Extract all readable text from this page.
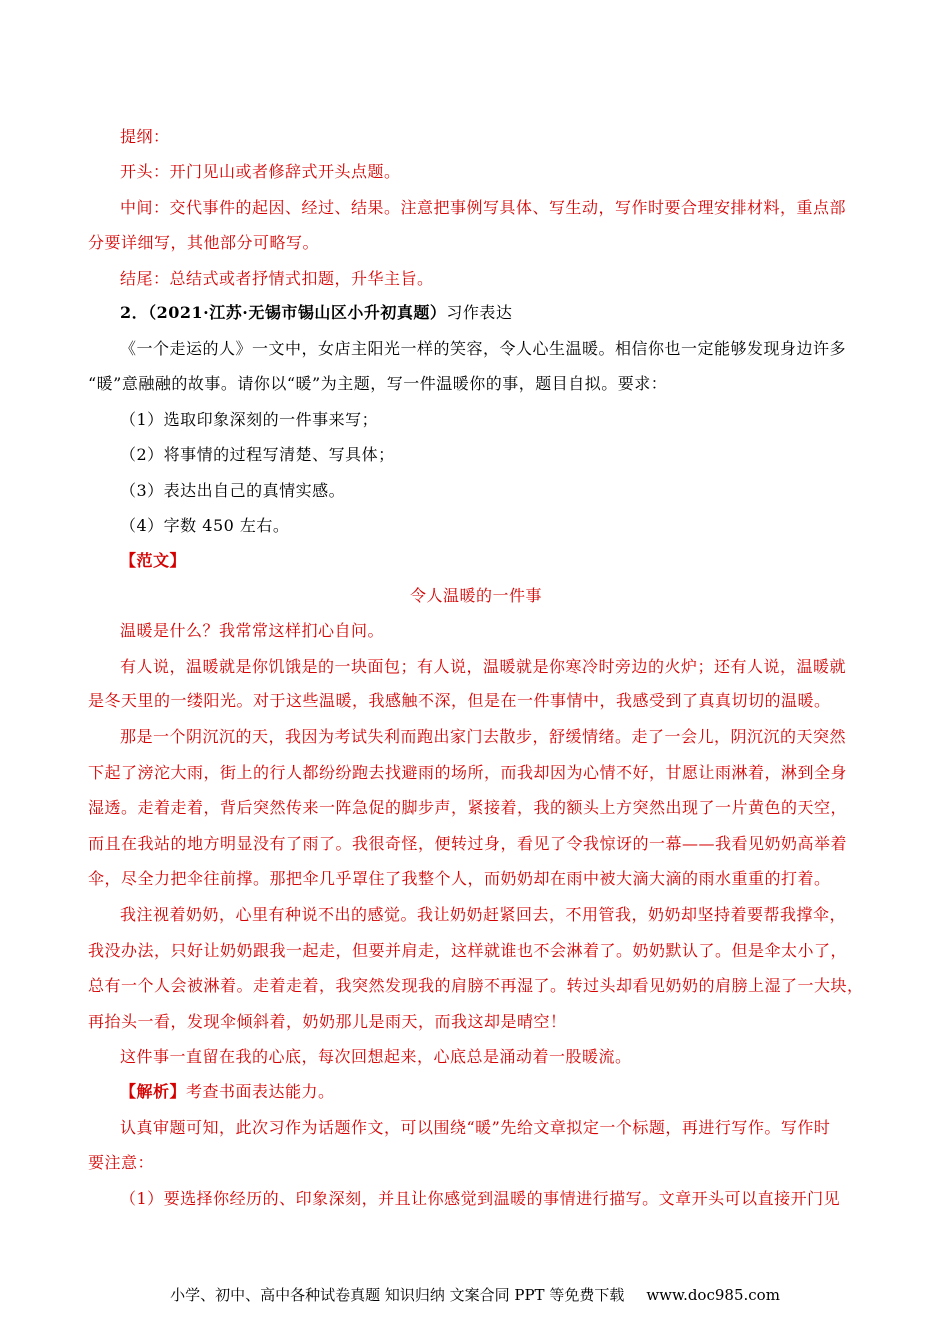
提纲：
开头：开门见山或者修辞式开头点题。
中间：交代事件的起因、经过、结果。注意把事例写具体、写生动，写作时要合理安排材料，重点部
分要详细写，其他部分可略写。
结尾：总结式或者抒情式扣题，升华主旨。
2．（2021·江苏·无锡市锡山区小升初真题）习作表达
《一个走运的人》一文中，女店主阳光一样的笑容，令人心生温暖。相信你也一定能够发现身边许多
“暖”意融融的故事。请你以“暖”为主题，写一件温暖你的事，题目自拟。要求：
（1）选取印象深刻的一件事来写；
（2）将事情的过程写清楚、写具体；
（3）表达出自己的真情实感。
（4）字数 450 左右。
【范文】
令人温暖的一件事
温暖是什么？我常常这样扪心自问。
有人说，温暖就是你饥饿是的一块面包；有人说，温暖就是你寒冷时旁边的火炉；还有人说，温暖就
是冬天里的一缕阳光。对于这些温暖，我感触不深，但是在一件事情中，我感受到了真真切切的温暖。
那是一个阴沉沉的天，我因为考试失利而跑出家门去散步，舒缓情绪。走了一会儿，阴沉沉的天突然
下起了滂沱大雨，街上的行人都纷纷跑去找避雨的场所，而我却因为心情不好，甘愿让雨淋着，淋到全身
湿透。走着走着，背后突然传来一阵急促的脚步声，紧接着，我的额头上方突然出现了一片黄色的天空，
而且在我站的地方明显没有了雨了。我很奇怪，便转过身，看见了令我惊讶的一幕——我看见奶奶高举着
伞，尽全力把伞往前撑。那把伞几乎罩住了我整个人，而奶奶却在雨中被大滴大滴的雨水重重的打着。
我注视着奶奶，心里有种说不出的感觉。我让奶奶赶紧回去，不用管我，奶奶却坚持着要帮我撑伞，
我没办法，只好让奶奶跟我一起走，但要并肩走，这样就谁也不会淋着了。奶奶默认了。但是伞太小了，
总有一个人会被淋着。走着走着，我突然发现我的肩膀不再湿了。转过头却看见奶奶的肩膀上湿了一大块，
再抬头一看，发现伞倾斜着，奶奶那儿是雨天，而我这却是晴空！
这件事一直留在我的心底，每次回想起来，心底总是涌动着一股暖流。
【解析】考查书面表达能力。
认真审题可知，此次习作为话题作文，可以围绕“暖”先给文章拟定一个标题，再进行写作。写作时
要注意：
（1）要选择你经历的、印象深刻，并且让你感觉到温暖的事情进行描写。文章开头可以直接开门见
小学、初中、高中各种试卷真题 知识归纳 文案合同 PPT 等免费下载 www.doc985.com
